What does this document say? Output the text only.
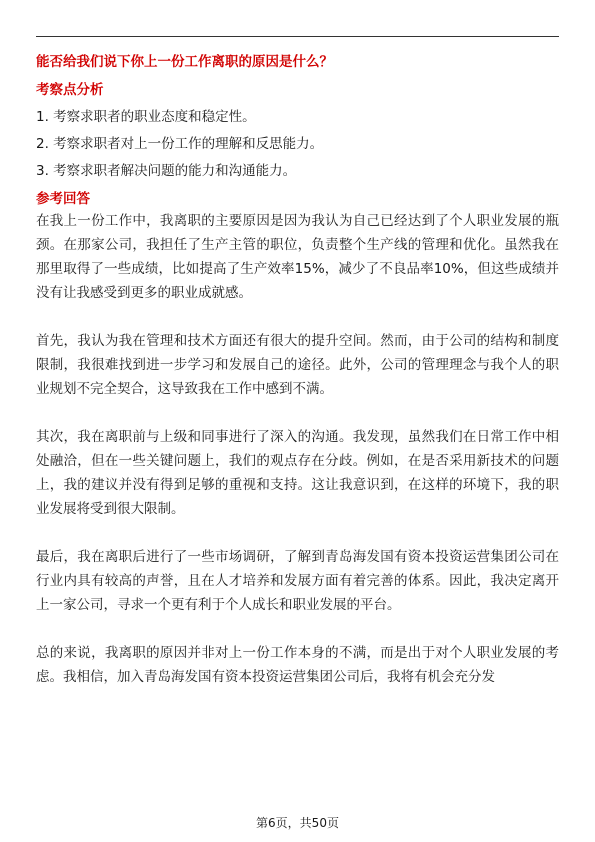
能否给我们说下你上一份工作离职的原因是什么？

考察点分析

1. 考察求职者的职业态度和稳定性。
2. 考察求职者对上一份工作的理解和反思能力。
3. 考察求职者解决问题的能力和沟通能力。

参考回答

在我上一份工作中，我离职的主要原因是因为我认为自己已经达到了个人职业发展的瓶颈。在那家公司，我担任了生产主管的职位，负责整个生产线的管理和优化。虽然我在那里取得了一些成绩，比如提高了生产效率15%，减少了不良品率10%，但这些成绩并没有让我感受到更多的职业成就感。

首先，我认为我在管理和技术方面还有很大的提升空间。然而，由于公司的结构和制度限制，我很难找到进一步学习和发展自己的途径。此外，公司的管理理念与我个人的职业规划不完全契合，这导致我在工作中感到不满。

其次，我在离职前与上级和同事进行了深入的沟通。我发现，虽然我们在日常工作中相处融洽，但在一些关键问题上，我们的观点存在分歧。例如，在是否采用新技术的问题上，我的建议并没有得到足够的重视和支持。这让我意识到，在这样的环境下，我的职业发展将受到很大限制。

最后，我在离职后进行了一些市场调研，了解到青岛海发国有资本投资运营集团公司在行业内具有较高的声誉，且在人才培养和发展方面有着完善的体系。因此，我决定离开上一家公司，寻求一个更有利于个人成长和职业发展的平台。

总的来说，我离职的原因并非对上一份工作本身的不满，而是出于对个人职业发展的考虑。我相信，加入青岛海发国有资本投资运营集团公司后，我将有机会充分发

第6页，共50页
